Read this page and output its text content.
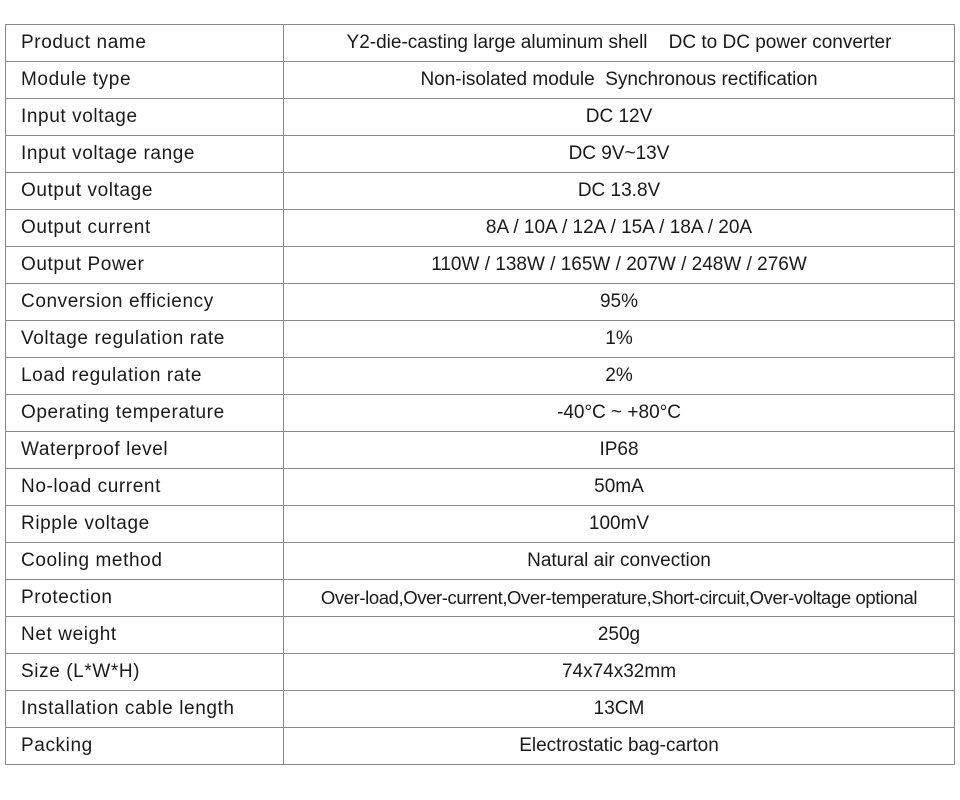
Product name	Y2-die-casting large aluminum shell    DC to DC power converter
Module type	Non-isolated module  Synchronous rectification
Input voltage	DC 12V
Input voltage range	DC 9V~13V
Output voltage	DC 13.8V
Output current	8A / 10A / 12A / 15A / 18A / 20A
Output Power	110W / 138W / 165W / 207W / 248W / 276W
Conversion efficiency	95%
Voltage regulation rate	1%
Load regulation rate	2%
Operating temperature	-40°C ~ +80°C
Waterproof level	IP68
No-load current	50mA
Ripple voltage	100mV
Cooling method	Natural air convection
Protection	Over-load,Over-current,Over-temperature,Short-circuit,Over-voltage optional
Net weight	250g
Size (L*W*H)	74x74x32mm
Installation cable length	13CM
Packing	Electrostatic bag-carton
